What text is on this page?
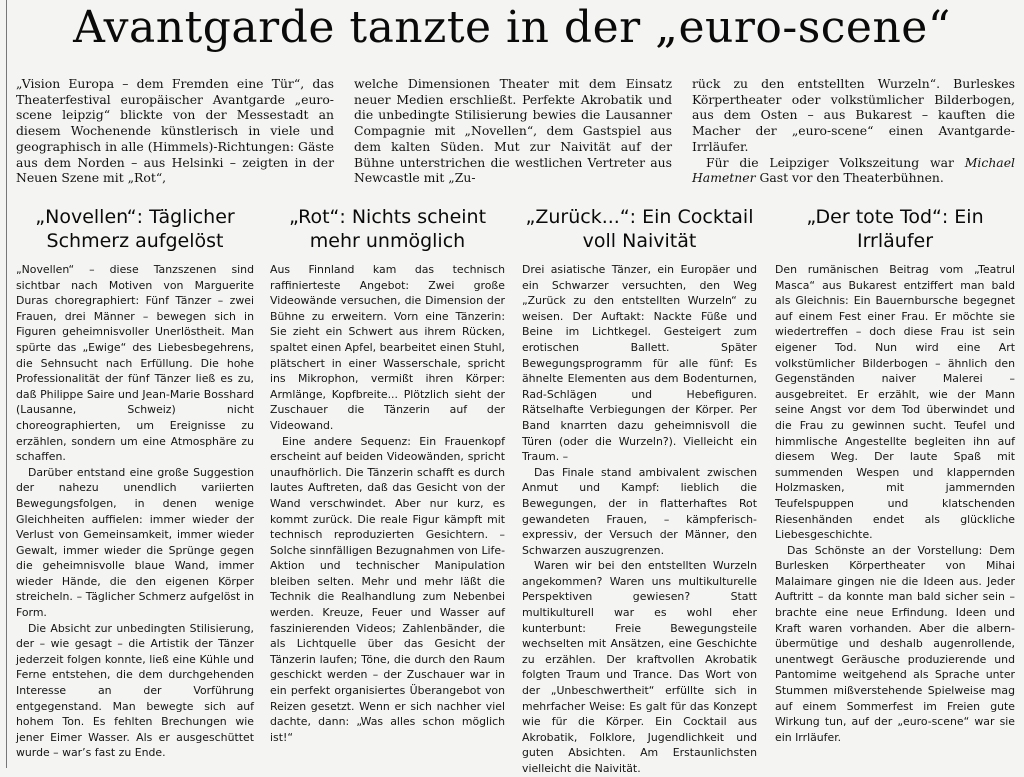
Avantgarde tanzte in der „euro-scene“

„Vision Europa – dem Fremden eine Tür“, das Theaterfestival europäischer Avantgarde „euro-scene leipzig“ blickte von der Messestadt an diesem Wochenende künstlerisch in viele und geographisch in alle (Himmels)-Richtungen: Gäste aus dem Norden – aus Helsinki – zeigten in der Neuen Szene mit „Rot“,

welche Dimensionen Theater mit dem Einsatz neuer Medien erschließt. Perfekte Akrobatik und die unbedingte Stilisierung bewies die Lausanner Compagnie mit „Novellen“, dem Gastspiel aus dem kalten Süden. Mut zur Naivität auf der Bühne unterstrichen die westlichen Vertreter aus Newcastle mit „Zu-

rück zu den entstellten Wurzeln“. Burleskes Körpertheater oder volkstümlicher Bilderbogen, aus dem Osten – aus Bukarest – kauften die Macher der „euro-scene“ einen Avantgarde-Irrläufer.

Für die Leipziger Volkszeitung war Michael Hametner Gast vor den Theaterbühnen.

„Novellen“: Täglicher Schmerz aufgelöst

„Novellen“ – diese Tanzszenen sind sichtbar nach Motiven von Marguerite Duras choregraphiert: Fünf Tänzer – zwei Frauen, drei Männer – bewegen sich in Figuren geheimnisvoller Unerlöstheit. Man spürte das „Ewige“ des Liebesbegehrens, die Sehnsucht nach Erfüllung. Die hohe Professionalität der fünf Tänzer ließ es zu, daß Philippe Saire und Jean-Marie Bosshard (Lausanne, Schweiz) nicht choreographierten, um Ereignisse zu erzählen, sondern um eine Atmosphäre zu schaffen.

Darüber entstand eine große Suggestion der nahezu unendlich variierten Bewegungsfolgen, in denen wenige Gleichheiten auffielen: immer wieder der Verlust von Gemeinsamkeit, immer wieder Gewalt, immer wieder die Sprünge gegen die geheimnisvolle blaue Wand, immer wieder Hände, die den eigenen Körper streicheln. – Täglicher Schmerz aufgelöst in Form.

Die Absicht zur unbedingten Stilisierung, der – wie gesagt – die Artistik der Tänzer jederzeit folgen konnte, ließ eine Kühle und Ferne entstehen, die dem durchgehenden Interesse an der Vorführung entgegenstand. Man bewegte sich auf hohem Ton. Es fehlten Brechungen wie jener Eimer Wasser. Als er ausgeschüttet wurde – war’s fast zu Ende.

„Rot“: Nichts scheint mehr unmöglich

Aus Finnland kam das technisch raffinierteste Angebot: Zwei große Videowände versuchen, die Dimension der Bühne zu erweitern. Vorn eine Tänzerin: Sie zieht ein Schwert aus ihrem Rücken, spaltet einen Apfel, bearbeitet einen Stuhl, plätschert in einer Wasserschale, spricht ins Mikrophon, vermißt ihren Körper: Armlänge, Kopfbreite... Plötzlich sieht der Zuschauer die Tänzerin auf der Videowand.

Eine andere Sequenz: Ein Frauenkopf erscheint auf beiden Videowänden, spricht unaufhörlich. Die Tänzerin schafft es durch lautes Auftreten, daß das Gesicht von der Wand verschwindet. Aber nur kurz, es kommt zurück. Die reale Figur kämpft mit technisch reproduzierten Gesichtern. – Solche sinnfälligen Bezugnahmen von Life-Aktion und technischer Manipulation bleiben selten. Mehr und mehr läßt die Technik die Realhandlung zum Nebenbei werden. Kreuze, Feuer und Wasser auf faszinierenden Videos; Zahlenbänder, die als Lichtquelle über das Gesicht der Tänzerin laufen; Töne, die durch den Raum geschickt werden – der Zuschauer war in ein perfekt organisiertes Überangebot von Reizen gesetzt. Wenn er sich nachher viel dachte, dann: „Was alles schon möglich ist!“

„Zurück...“: Ein Cocktail voll Naivität

Drei asiatische Tänzer, ein Europäer und ein Schwarzer versuchten, den Weg „Zurück zu den entstellten Wurzeln“ zu weisen. Der Auftakt: Nackte Füße und Beine im Lichtkegel. Gesteigert zum erotischen Ballett. Später Bewegungsprogramm für alle fünf: Es ähnelte Elementen aus dem Bodenturnen, Rad-Schlägen und Hebefiguren. Rätselhafte Verbiegungen der Körper. Per Band knarrten dazu geheimnisvoll die Türen (oder die Wurzeln?). Vielleicht ein Traum. –

Das Finale stand ambivalent zwischen Anmut und Kampf: lieblich die Bewegungen, der in flatterhaftes Rot gewandeten Frauen, – kämpferisch-expressiv, der Versuch der Männer, den Schwarzen auszugrenzen.

Waren wir bei den entstellten Wurzeln angekommen? Waren uns multikulturelle Perspektiven gewiesen? Statt multikulturell war es wohl eher kunterbunt: Freie Bewegungsteile wechselten mit Ansätzen, eine Geschichte zu erzählen. Der kraftvollen Akrobatik folgten Traum und Trance. Das Wort von der „Unbeschwertheit“ erfüllte sich in mehrfacher Weise: Es galt für das Konzept wie für die Körper. Ein Cocktail aus Akrobatik, Folklore, Jugendlichkeit und guten Absichten. Am Erstaunlichsten vielleicht die Naivität.

„Der tote Tod“: Ein Irrläufer

Den rumänischen Beitrag vom „Teatrul Masca“ aus Bukarest entziffert man bald als Gleichnis: Ein Bauernbursche begegnet auf einem Fest einer Frau. Er möchte sie wiedertreffen – doch diese Frau ist sein eigener Tod. Nun wird eine Art volkstümlicher Bilderbogen – ähnlich den Gegenständen naiver Malerei – ausgebreitet. Er erzählt, wie der Mann seine Angst vor dem Tod überwindet und die Frau zu gewinnen sucht. Teufel und himmlische Angestellte begleiten ihn auf diesem Weg. Der laute Spaß mit summenden Wespen und klappernden Holzmasken, mit jammernden Teufelspuppen und klatschenden Riesenhänden endet als glückliche Liebesgeschichte.

Das Schönste an der Vorstellung: Dem Burlesken Körpertheater von Mihai Malaimare gingen nie die Ideen aus. Jeder Auftritt – da konnte man bald sicher sein – brachte eine neue Erfindung. Ideen und Kraft waren vorhanden. Aber die albern-übermütige und deshalb augenrollende, unentwegt Geräusche produzierende und Pantomime weitgehend als Sprache unter Stummen mißverstehende Spielweise mag auf einem Sommerfest im Freien gute Wirkung tun, auf der „euro-scene“ war sie ein Irrläufer.
